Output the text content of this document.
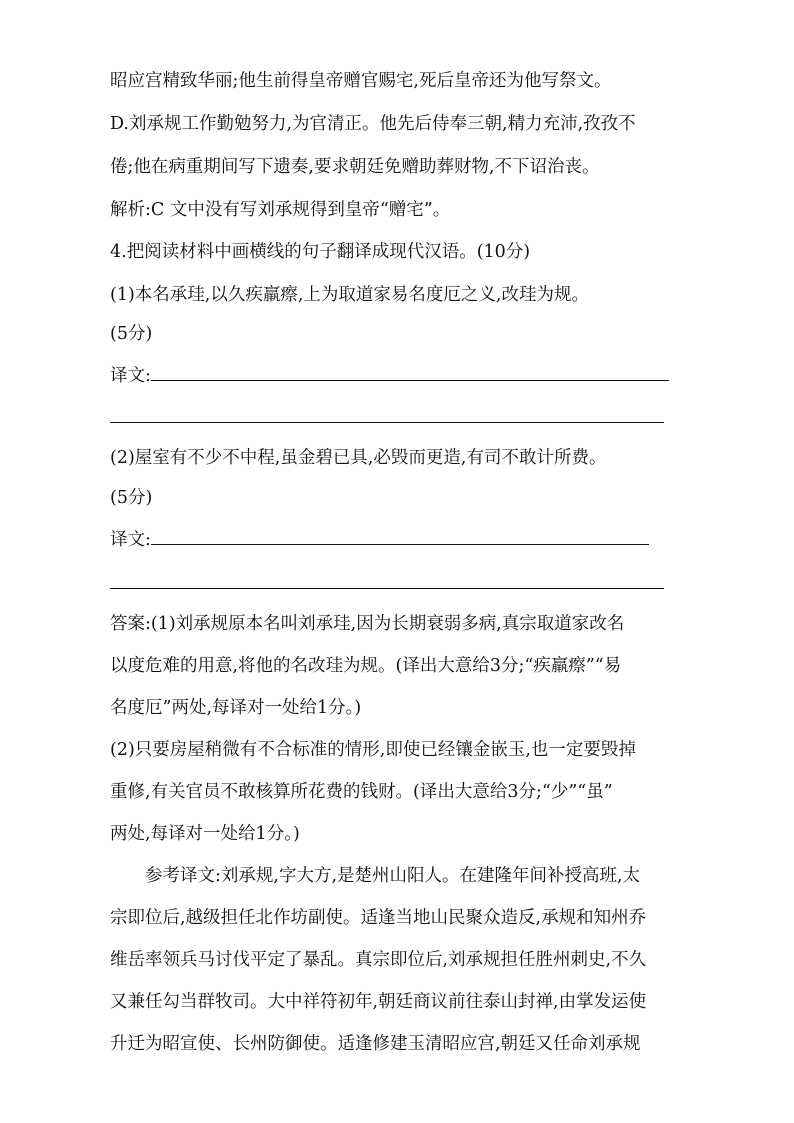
昭应宫精致华丽;他生前得皇帝赠官赐宅,死后皇帝还为他写祭文。
D.刘承规工作勤勉努力,为官清正。他先后侍奉三朝,精力充沛,孜孜不
倦;他在病重期间写下遗奏,要求朝廷免赠助葬财物,不下诏治丧。
解析:C 文中没有写刘承规得到皇帝“赠宅”。
4.把阅读材料中画横线的句子翻译成现代汉语。(10分)
(1)本名承珪,以久疾羸瘵,上为取道家易名度厄之义,改珪为规。
(5分)
译文:
(2)屋室有不少不中程,虽金碧已具,必毁而更造,有司不敢计所费。
(5分)
译文:
答案:(1)刘承规原本名叫刘承珪,因为长期衰弱多病,真宗取道家改名
以度危难的用意,将他的名改珪为规。(译出大意给3分;“疾羸瘵”“易
名度厄”两处,每译对一处给1分。)
(2)只要房屋稍微有不合标准的情形,即使已经镶金嵌玉,也一定要毁掉
重修,有关官员不敢核算所花费的钱财。(译出大意给3分;“少”“虽”
两处,每译对一处给1分。)
参考译文:刘承规,字大方,是楚州山阳人。在建隆年间补授高班,太
宗即位后,越级担任北作坊副使。适逢当地山民聚众造反,承规和知州乔
维岳率领兵马讨伐平定了暴乱。真宗即位后,刘承规担任胜州刺史,不久
又兼任勾当群牧司。大中祥符初年,朝廷商议前往泰山封禅,由掌发运使
升迁为昭宣使、长州防御使。适逢修建玉清昭应宫,朝廷又任命刘承规
